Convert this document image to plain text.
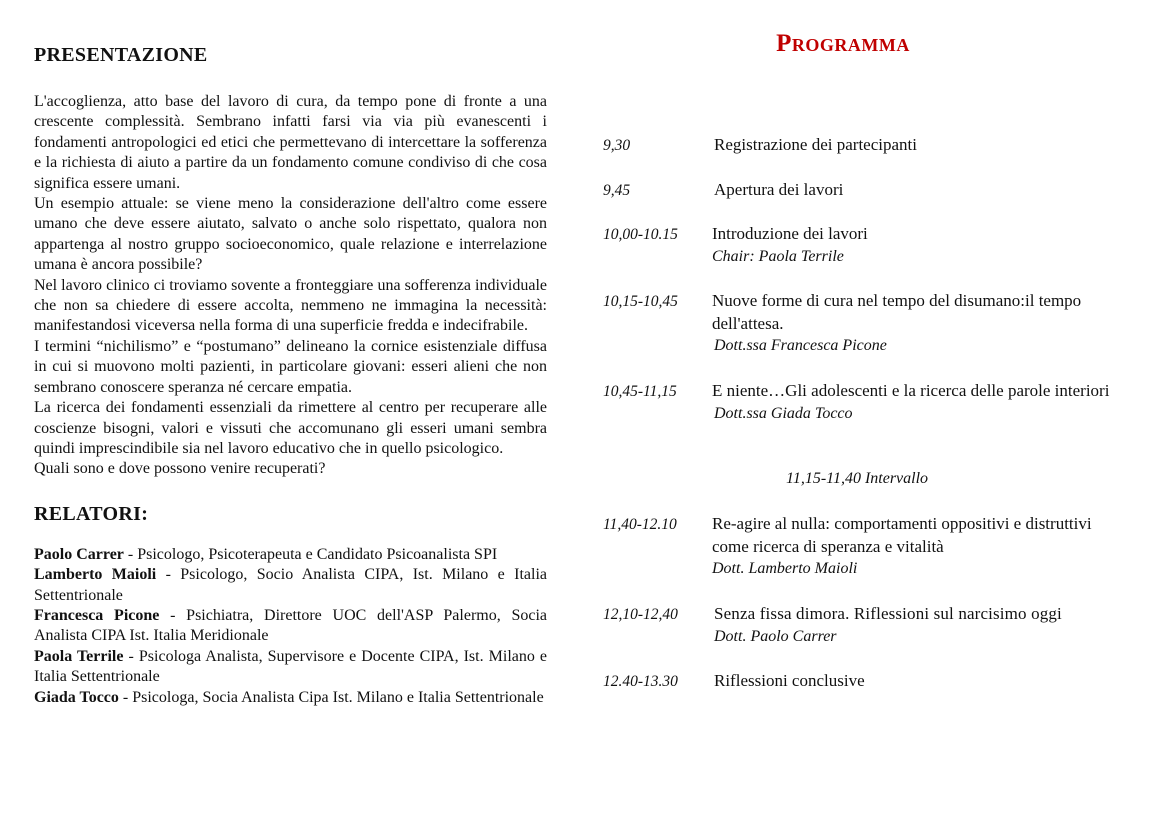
PRESENTAZIONE

L'accoglienza, atto base del lavoro di cura, da tempo pone di fronte a una crescente complessità. Sembrano infatti farsi via via più evanescenti i fondamenti antropologici ed etici che permettevano di intercettare la sofferenza e la richiesta di aiuto a partire da un fondamento comune condiviso di che cosa significa essere umani.

Un esempio attuale: se viene meno la considerazione dell'altro come essere umano che deve essere aiutato, salvato o anche solo rispettato, qualora non appartenga al nostro gruppo socioeconomico, quale relazione e interrelazione umana è ancora possibile?

Nel lavoro clinico ci troviamo sovente a fronteggiare una sofferenza individuale che non sa chiedere di essere accolta, nemmeno ne immagina la necessità: manifestandosi viceversa nella forma di una superficie fredda e indecifrabile.

I termini “nichilismo” e “postumano” delineano la cornice esistenziale diffusa in cui si muovono molti pazienti, in particolare giovani: esseri alieni che non sembrano conoscere speranza né cercare empatia.

La ricerca dei fondamenti essenziali da rimettere al centro per recuperare alle coscienze bisogni, valori e vissuti che accomunano gli esseri umani sembra quindi imprescindibile sia nel lavoro educativo che in quello psicologico.

Quali sono e dove possono venire recuperati?

RELATORI:

Paolo Carrer - Psicologo, Psicoterapeuta e Candidato Psicoanalista SPI

Lamberto Maioli - Psicologo, Socio Analista CIPA, Ist. Milano e Italia Settentrionale

Francesca Picone - Psichiatra, Direttore UOC dell'ASP Palermo, Socia Analista CIPA Ist. Italia Meridionale

Paola Terrile - Psicologa Analista, Supervisore e Docente CIPA, Ist. Milano e Italia Settentrionale

Giada Tocco - Psicologa, Socia Analista Cipa Ist. Milano e Italia Settentrionale

Programma
9,30	Registrazione dei partecipanti
9,45	Apertura dei lavori
10,00-10.15 Introduzione dei lavori
Chair: Paola Terrile
10,15-10,45 Nuove forme di cura nel tempo del disumano:il tempo dell'attesa.
Dott.ssa Francesca Picone
10,45-11,15 E niente…Gli adolescenti e la ricerca delle parole interiori
Dott.ssa Giada Tocco
11,15-11,40 Intervallo
11,40-12.10 Re-agire al nulla: comportamenti oppositivi e distruttivi come ricerca di speranza e vitalità
Dott. Lamberto Maioli
12,10-12,40 Senza fissa dimora. Riflessioni sul narcisimo oggi
Dott. Paolo Carrer
12.40-13.30 Riflessioni conclusive
